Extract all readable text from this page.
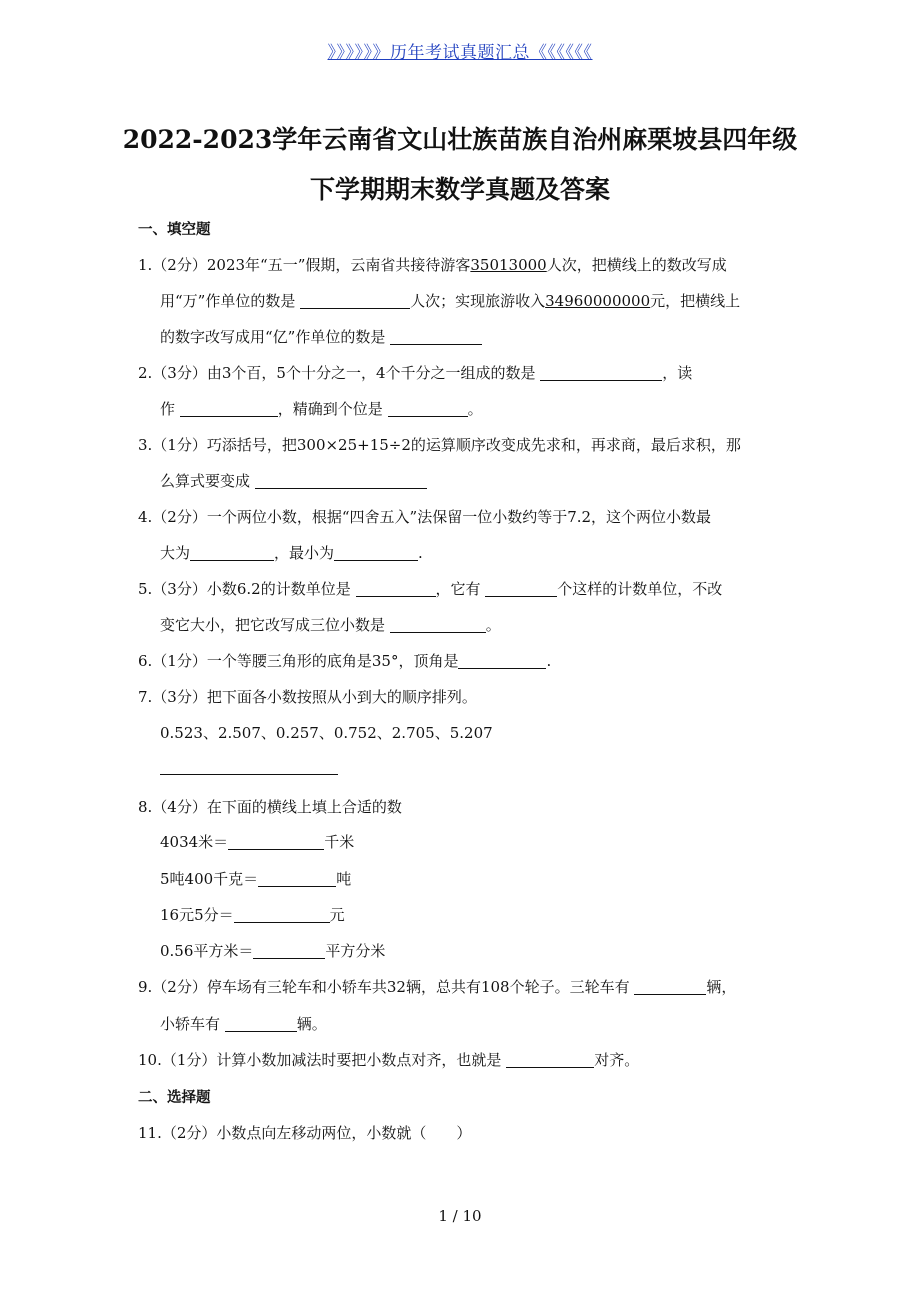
》》》》》》历年考试真题汇总《《《《《《
2022-2023学年云南省文山壮族苗族自治州麻栗坡县四年级
下学期期末数学真题及答案
一、填空题
1.（2分）2023年“五一”假期，云南省共接待游客35013000人次，把横线上的数改写成
用“万”作单位的数是	人次；实现旅游收入34960000000元，把横线上
的数字改写成用“亿”作单位的数是
2.（3分）由3个百，5个十分之一，4个千分之一组成的数是	，读
作	，精确到个位是	。
3.（1分）巧添括号，把300×25+15÷2的运算顺序改变成先求和，再求商，最后求积，那
么算式要变成
4.（2分）一个两位小数，根据“四舍五入”法保留一位小数约等于7.2，这个两位小数最
大为	，最小为	.
5.（3分）小数6.2的计数单位是	，它有	个这样的计数单位，不改
变它大小，把它改写成三位小数是	。
6.（1分）一个等腰三角形的底角是35°，顶角是	.
7.（3分）把下面各小数按照从小到大的顺序排列。
0.523、2.507、0.257、0.752、2.705、5.207
8.（4分）在下面的横线上填上合适的数
4034米＝	千米
5吨400千克＝	吨
16元5分＝	元
0.56平方米＝	平方分米
9.（2分）停车场有三轮车和小轿车共32辆，总共有108个轮子。三轮车有	辆，
小轿车有	辆。
10.（1分）计算小数加减法时要把小数点对齐，也就是	对齐。
二、选择题
11.（2分）小数点向左移动两位，小数就（　　）
1 / 10
